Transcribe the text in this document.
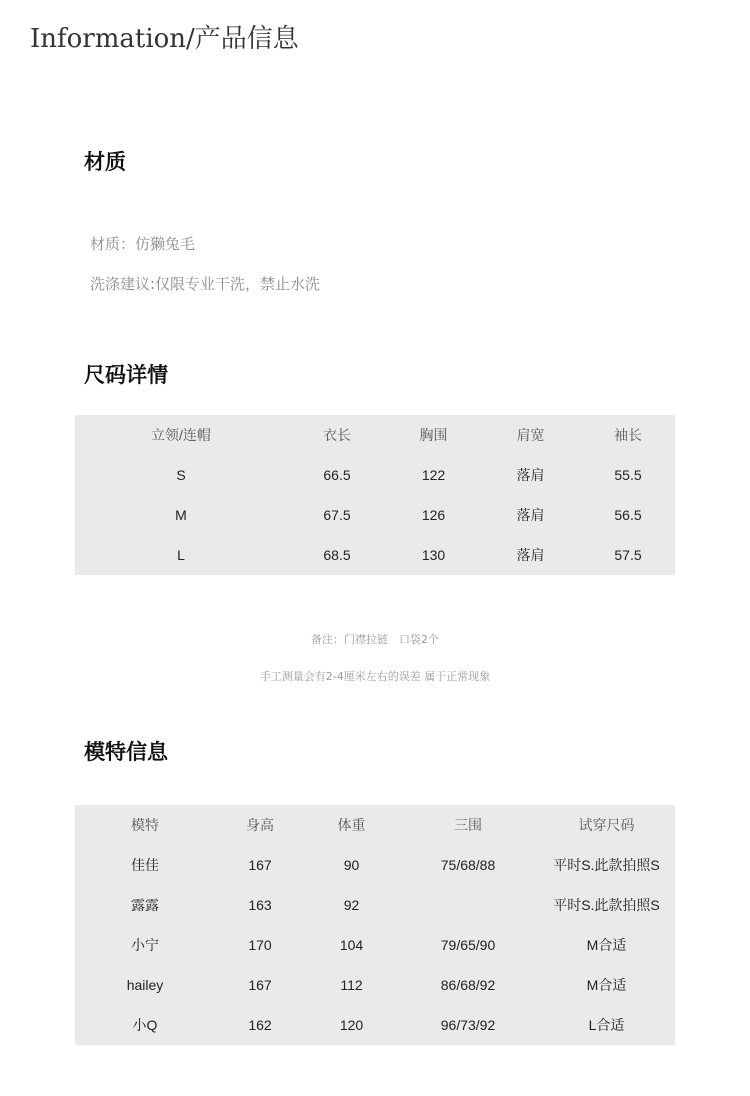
Information/产品信息
材质
材质：仿獭兔毛
洗涤建议:仅限专业干洗，禁止水洗
尺码详情
立领/连帽	衣长	胸围	肩宽	袖长
S	66.5	122	落肩	55.5
M	67.5	126	落肩	56.5
L	68.5	130	落肩	57.5
备注：门襟拉链　口袋2个
手工测量会有2-4厘米左右的误差 属于正常现象
模特信息
模特	身高	体重	三围	试穿尺码
佳佳	167	90	75/68/88	平时S.此款拍照S
露露	163	92		平时S.此款拍照S
小宁	170	104	79/65/90	M合适
hailey	167	112	86/68/92	M合适
小Q	162	120	96/73/92	L合适
